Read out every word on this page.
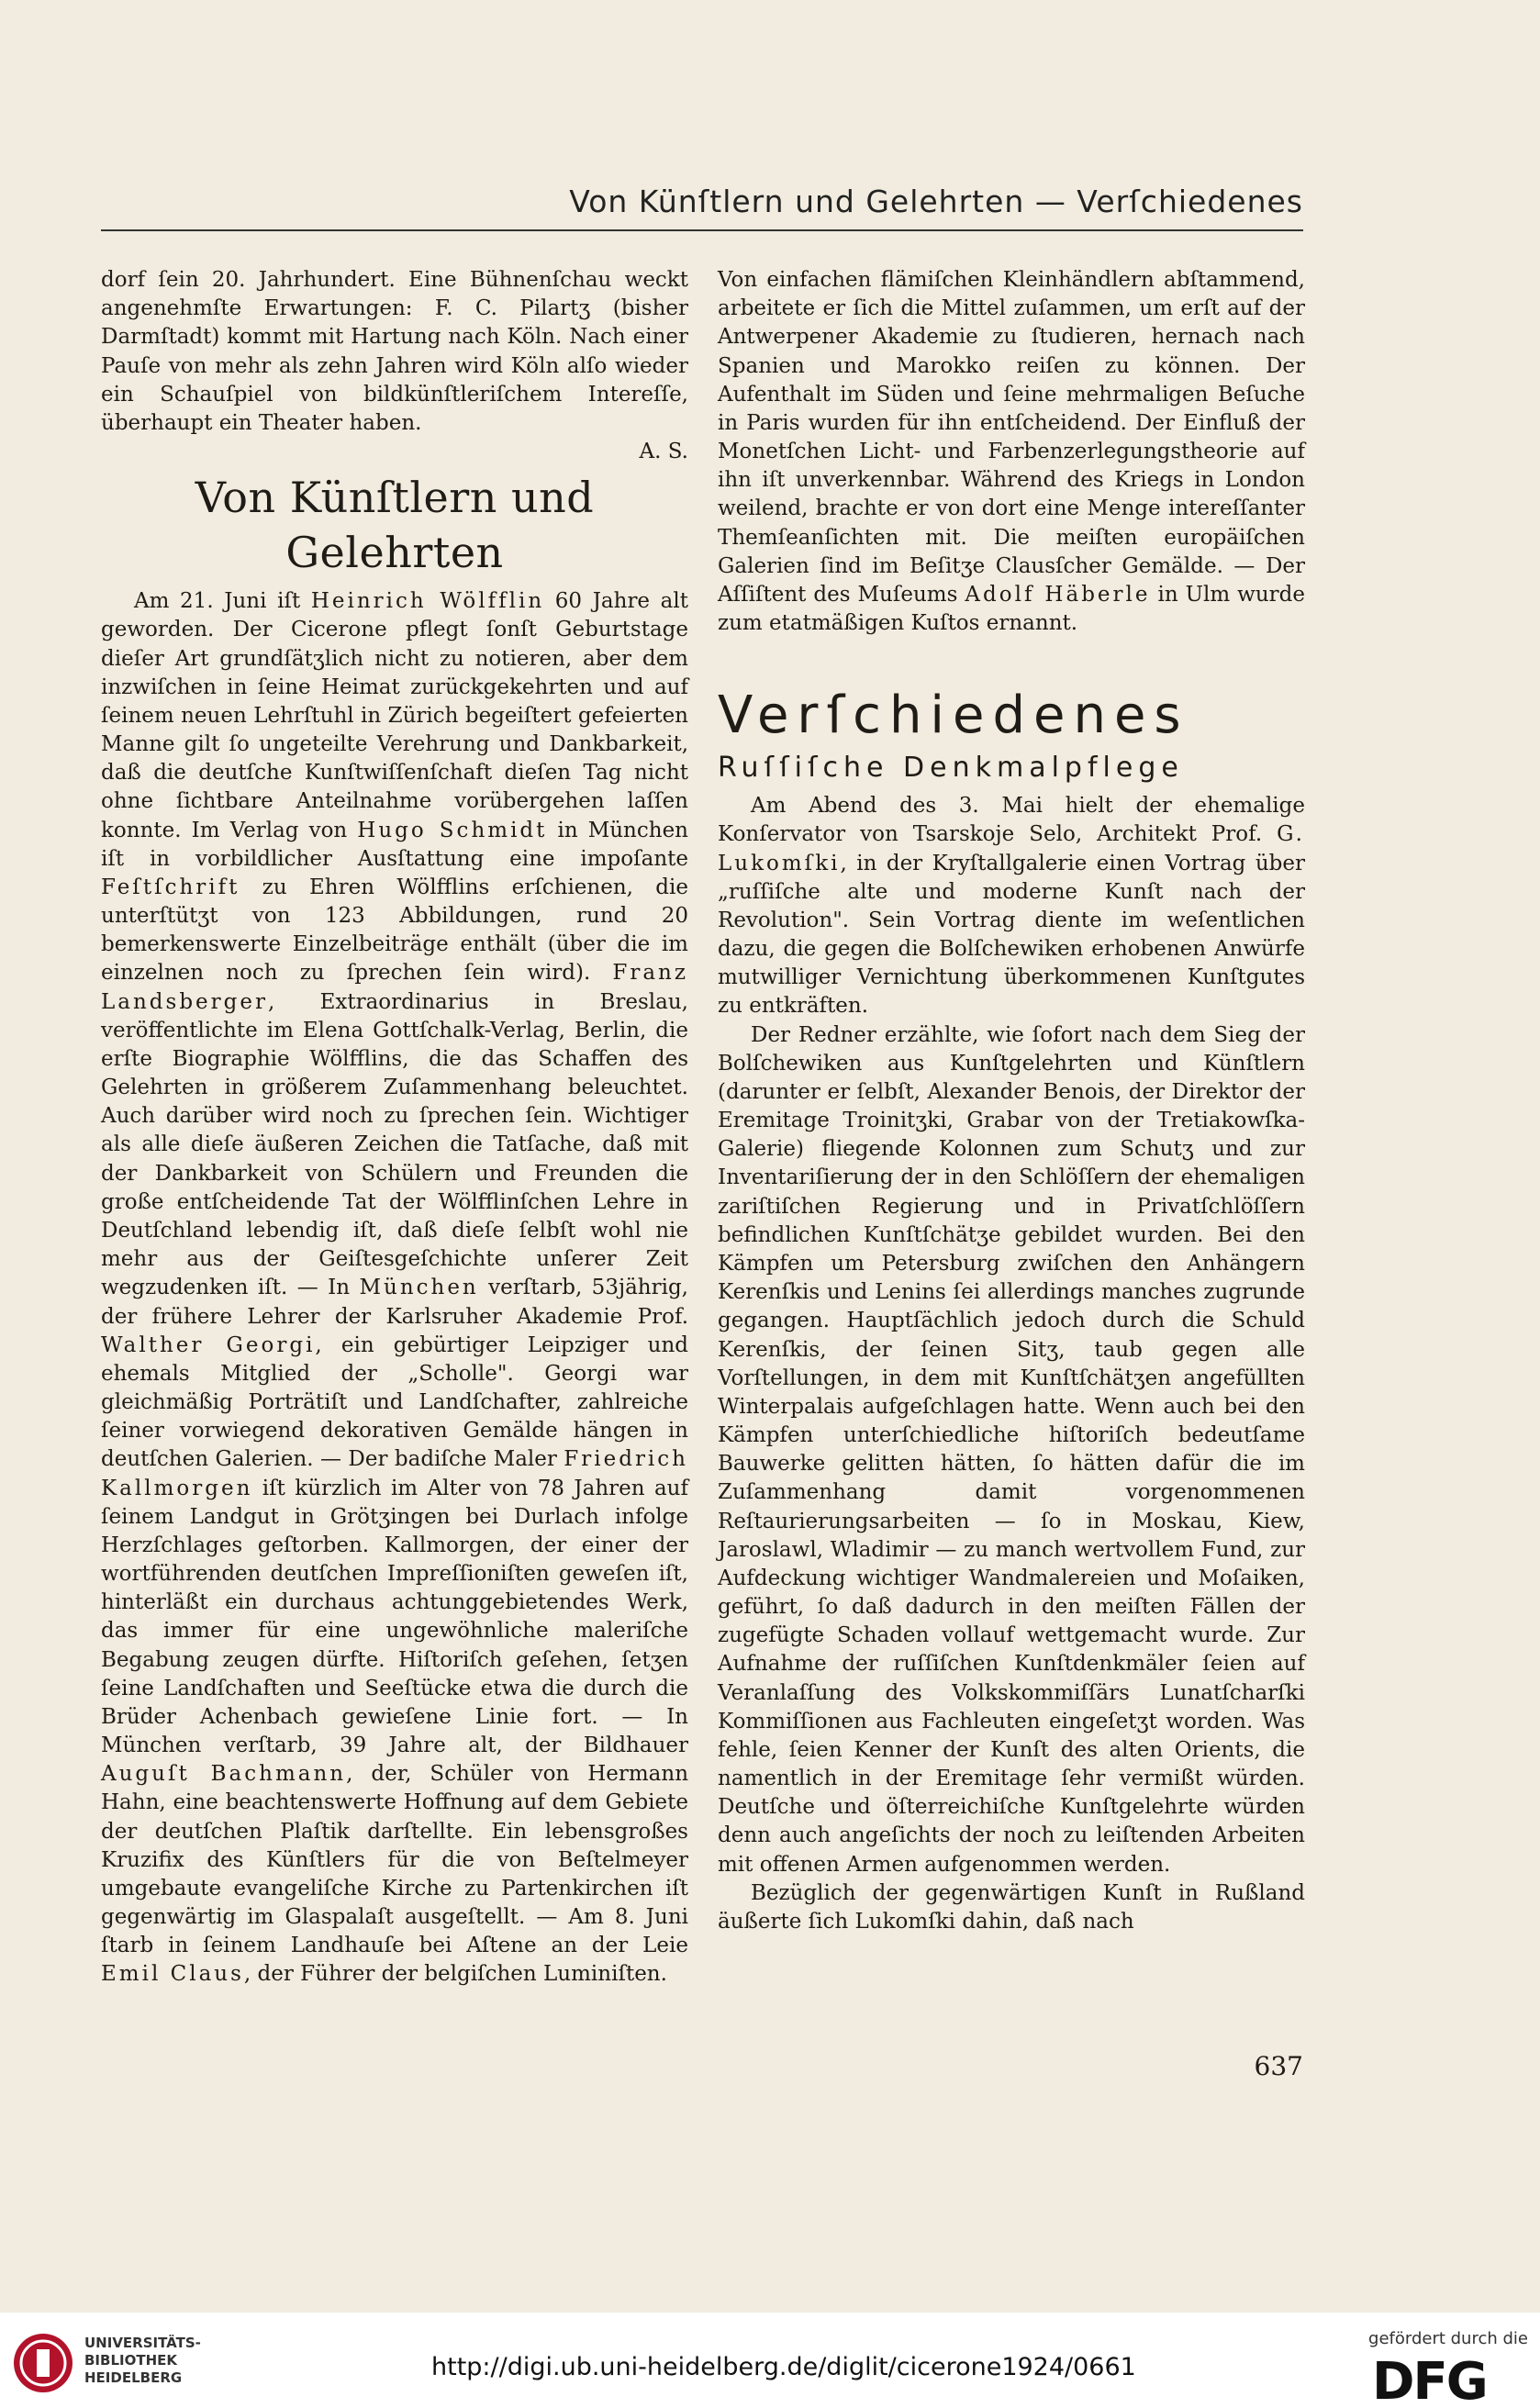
Von Künſtlern und Gelehrten — Verſchiedenes

dorf ſein 20. Jahrhundert. Eine Bühnenſchau weckt angenehmſte Erwartungen: F. C. Pilartʒ (bisher Darmſtadt) kommt mit Hartung nach Köln. Nach einer Pauſe von mehr als zehn Jahren wird Köln alſo wieder ein Schauſpiel von bildkünſtleriſchem Intereſſe, überhaupt ein Theater haben.

A. S.

Von Künſtlern und Gelehrten

Am 21. Juni iſt Heinrich Wölfflin 60 Jahre alt geworden. Der Cicerone pflegt ſonſt Geburtstage dieſer Art grundſätʒlich nicht zu notieren, aber dem inzwiſchen in ſeine Heimat zurückgekehrten und auf ſeinem neuen Lehrſtuhl in Zürich begeiſtert gefeierten Manne gilt ſo ungeteilte Verehrung und Dankbarkeit, daß die deutſche Kunſtwiſſenſchaft dieſen Tag nicht ohne ſichtbare Anteilnahme vorübergehen laſſen konnte. Im Verlag von Hugo Schmidt in München iſt in vorbildlicher Ausſtattung eine impoſante Feſtſchrift zu Ehren Wölfflins erſchienen, die unterſtütʒt von 123 Abbildungen, rund 20 bemerkenswerte Einzelbeiträge enthält (über die im einzelnen noch zu ſprechen ſein wird). Franz Landsberger, Extraordinarius in Breslau, veröffentlichte im Elena Gottſchalk-Verlag, Berlin, die erſte Biographie Wölfflins, die das Schaffen des Gelehrten in größerem Zuſammenhang beleuchtet. Auch darüber wird noch zu ſprechen ſein. Wichtiger als alle dieſe äußeren Zeichen die Tatſache, daß mit der Dankbarkeit von Schülern und Freunden die große entſcheidende Tat der Wölfflinſchen Lehre in Deutſchland lebendig iſt, daß dieſe ſelbſt wohl nie mehr aus der Geiſtesgeſchichte unſerer Zeit wegzudenken iſt. — In München verſtarb, 53jährig, der frühere Lehrer der Karlsruher Akademie Prof. Walther Georgi, ein gebürtiger Leipziger und ehemals Mitglied der „Scholle". Georgi war gleichmäßig Porträtiſt und Landſchafter, zahlreiche ſeiner vorwiegend dekorativen Gemälde hängen in deutſchen Galerien. — Der badiſche Maler Friedrich Kallmorgen iſt kürzlich im Alter von 78 Jahren auf ſeinem Landgut in Grötʒingen bei Durlach infolge Herzſchlages geſtorben. Kallmorgen, der einer der wortführenden deutſchen Impreſſioniſten geweſen iſt, hinterläßt ein durchaus achtunggebietendes Werk, das immer für eine ungewöhnliche maleriſche Begabung zeugen dürfte. Hiſtoriſch geſehen, ſetʒen ſeine Landſchaften und Seeſtücke etwa die durch die Brüder Achenbach gewieſene Linie fort. — In München verſtarb, 39 Jahre alt, der Bildhauer Auguſt Bachmann, der, Schüler von Hermann Hahn, eine beachtenswerte Hoffnung auf dem Gebiete der deutſchen Plaſtik darſtellte. Ein lebensgroßes Kruzifix des Künſtlers für die von Beſtelmeyer umgebaute evangeliſche Kirche zu Partenkirchen iſt gegenwärtig im Glaspalaſt ausgeſtellt. — Am 8. Juni ſtarb in ſeinem Landhauſe bei Aſtene an der Leie Emil Claus, der Führer der belgiſchen Luminiſten.

Von einfachen flämiſchen Kleinhändlern abſtammend, arbeitete er ſich die Mittel zuſammen, um erſt auf der Antwerpener Akademie zu ſtudieren, hernach nach Spanien und Marokko reiſen zu können. Der Aufenthalt im Süden und ſeine mehrmaligen Beſuche in Paris wurden für ihn entſcheidend. Der Einfluß der Monetſchen Licht- und Farbenzerlegungstheorie auf ihn iſt unverkennbar. Während des Kriegs in London weilend, brachte er von dort eine Menge intereſſanter Themſeanſichten mit. Die meiſten europäiſchen Galerien ſind im Beſitʒe Clausſcher Gemälde. — Der Aſſiſtent des Muſeums Adolf Häberle in Ulm wurde zum etatmäßigen Kuſtos ernannt.

Verſchiedenes
Ruſſiſche Denkmalpflege

Am Abend des 3. Mai hielt der ehemalige Konſervator von Tsarskoje Selo, Architekt Prof. G. Lukomſki, in der Kryſtallgalerie einen Vortrag über „ruſſiſche alte und moderne Kunſt nach der Revolution". Sein Vortrag diente im weſentlichen dazu, die gegen die Bolſchewiken erhobenen Anwürfe mutwilliger Vernichtung überkommenen Kunſtgutes zu entkräften.

Der Redner erzählte, wie ſofort nach dem Sieg der Bolſchewiken aus Kunſtgelehrten und Künſtlern (darunter er ſelbſt, Alexander Benois, der Direktor der Eremitage Troinitʒki, Grabar von der Tretiakowſka-Galerie) fliegende Kolonnen zum Schutʒ und zur Inventariſierung der in den Schlöſſern der ehemaligen zariſtiſchen Regierung und in Privatſchlöſſern befindlichen Kunſtſchätʒe gebildet wurden. Bei den Kämpfen um Petersburg zwiſchen den Anhängern Kerenſkis und Lenins ſei allerdings manches zugrunde gegangen. Hauptſächlich jedoch durch die Schuld Kerenſkis, der ſeinen Sitʒ, taub gegen alle Vorſtellungen, in dem mit Kunſtſchätʒen angefüllten Winterpalais aufgeſchlagen hatte. Wenn auch bei den Kämpfen unterſchiedliche hiſtoriſch bedeutſame Bauwerke gelitten hätten, ſo hätten dafür die im Zuſammenhang damit vorgenommenen Reſtaurierungsarbeiten — ſo in Moskau, Kiew, Jaroslawl, Wladimir — zu manch wertvollem Fund, zur Aufdeckung wichtiger Wandmalereien und Moſaiken, geführt, ſo daß dadurch in den meiſten Fällen der zugefügte Schaden vollauf wettgemacht wurde. Zur Aufnahme der ruſſiſchen Kunſtdenkmäler ſeien auf Veranlaſſung des Volkskommiſſärs Lunatſcharſki Kommiſſionen aus Fachleuten eingeſetʒt worden. Was fehle, ſeien Kenner der Kunſt des alten Orients, die namentlich in der Eremitage ſehr vermißt würden. Deutſche und öſterreichiſche Kunſtgelehrte würden denn auch angeſichts der noch zu leiſtenden Arbeiten mit offenen Armen aufgenommen werden.

Bezüglich der gegenwärtigen Kunſt in Rußland äußerte ſich Lukomſki dahin, daß nach

637
UNIVERSITÄTS-
BIBLIOTHEK
HEIDELBERG	http://digi.ub.uni-heidelberg.de/diglit/cicerone1924/0661
gefördert durch die
DFG
